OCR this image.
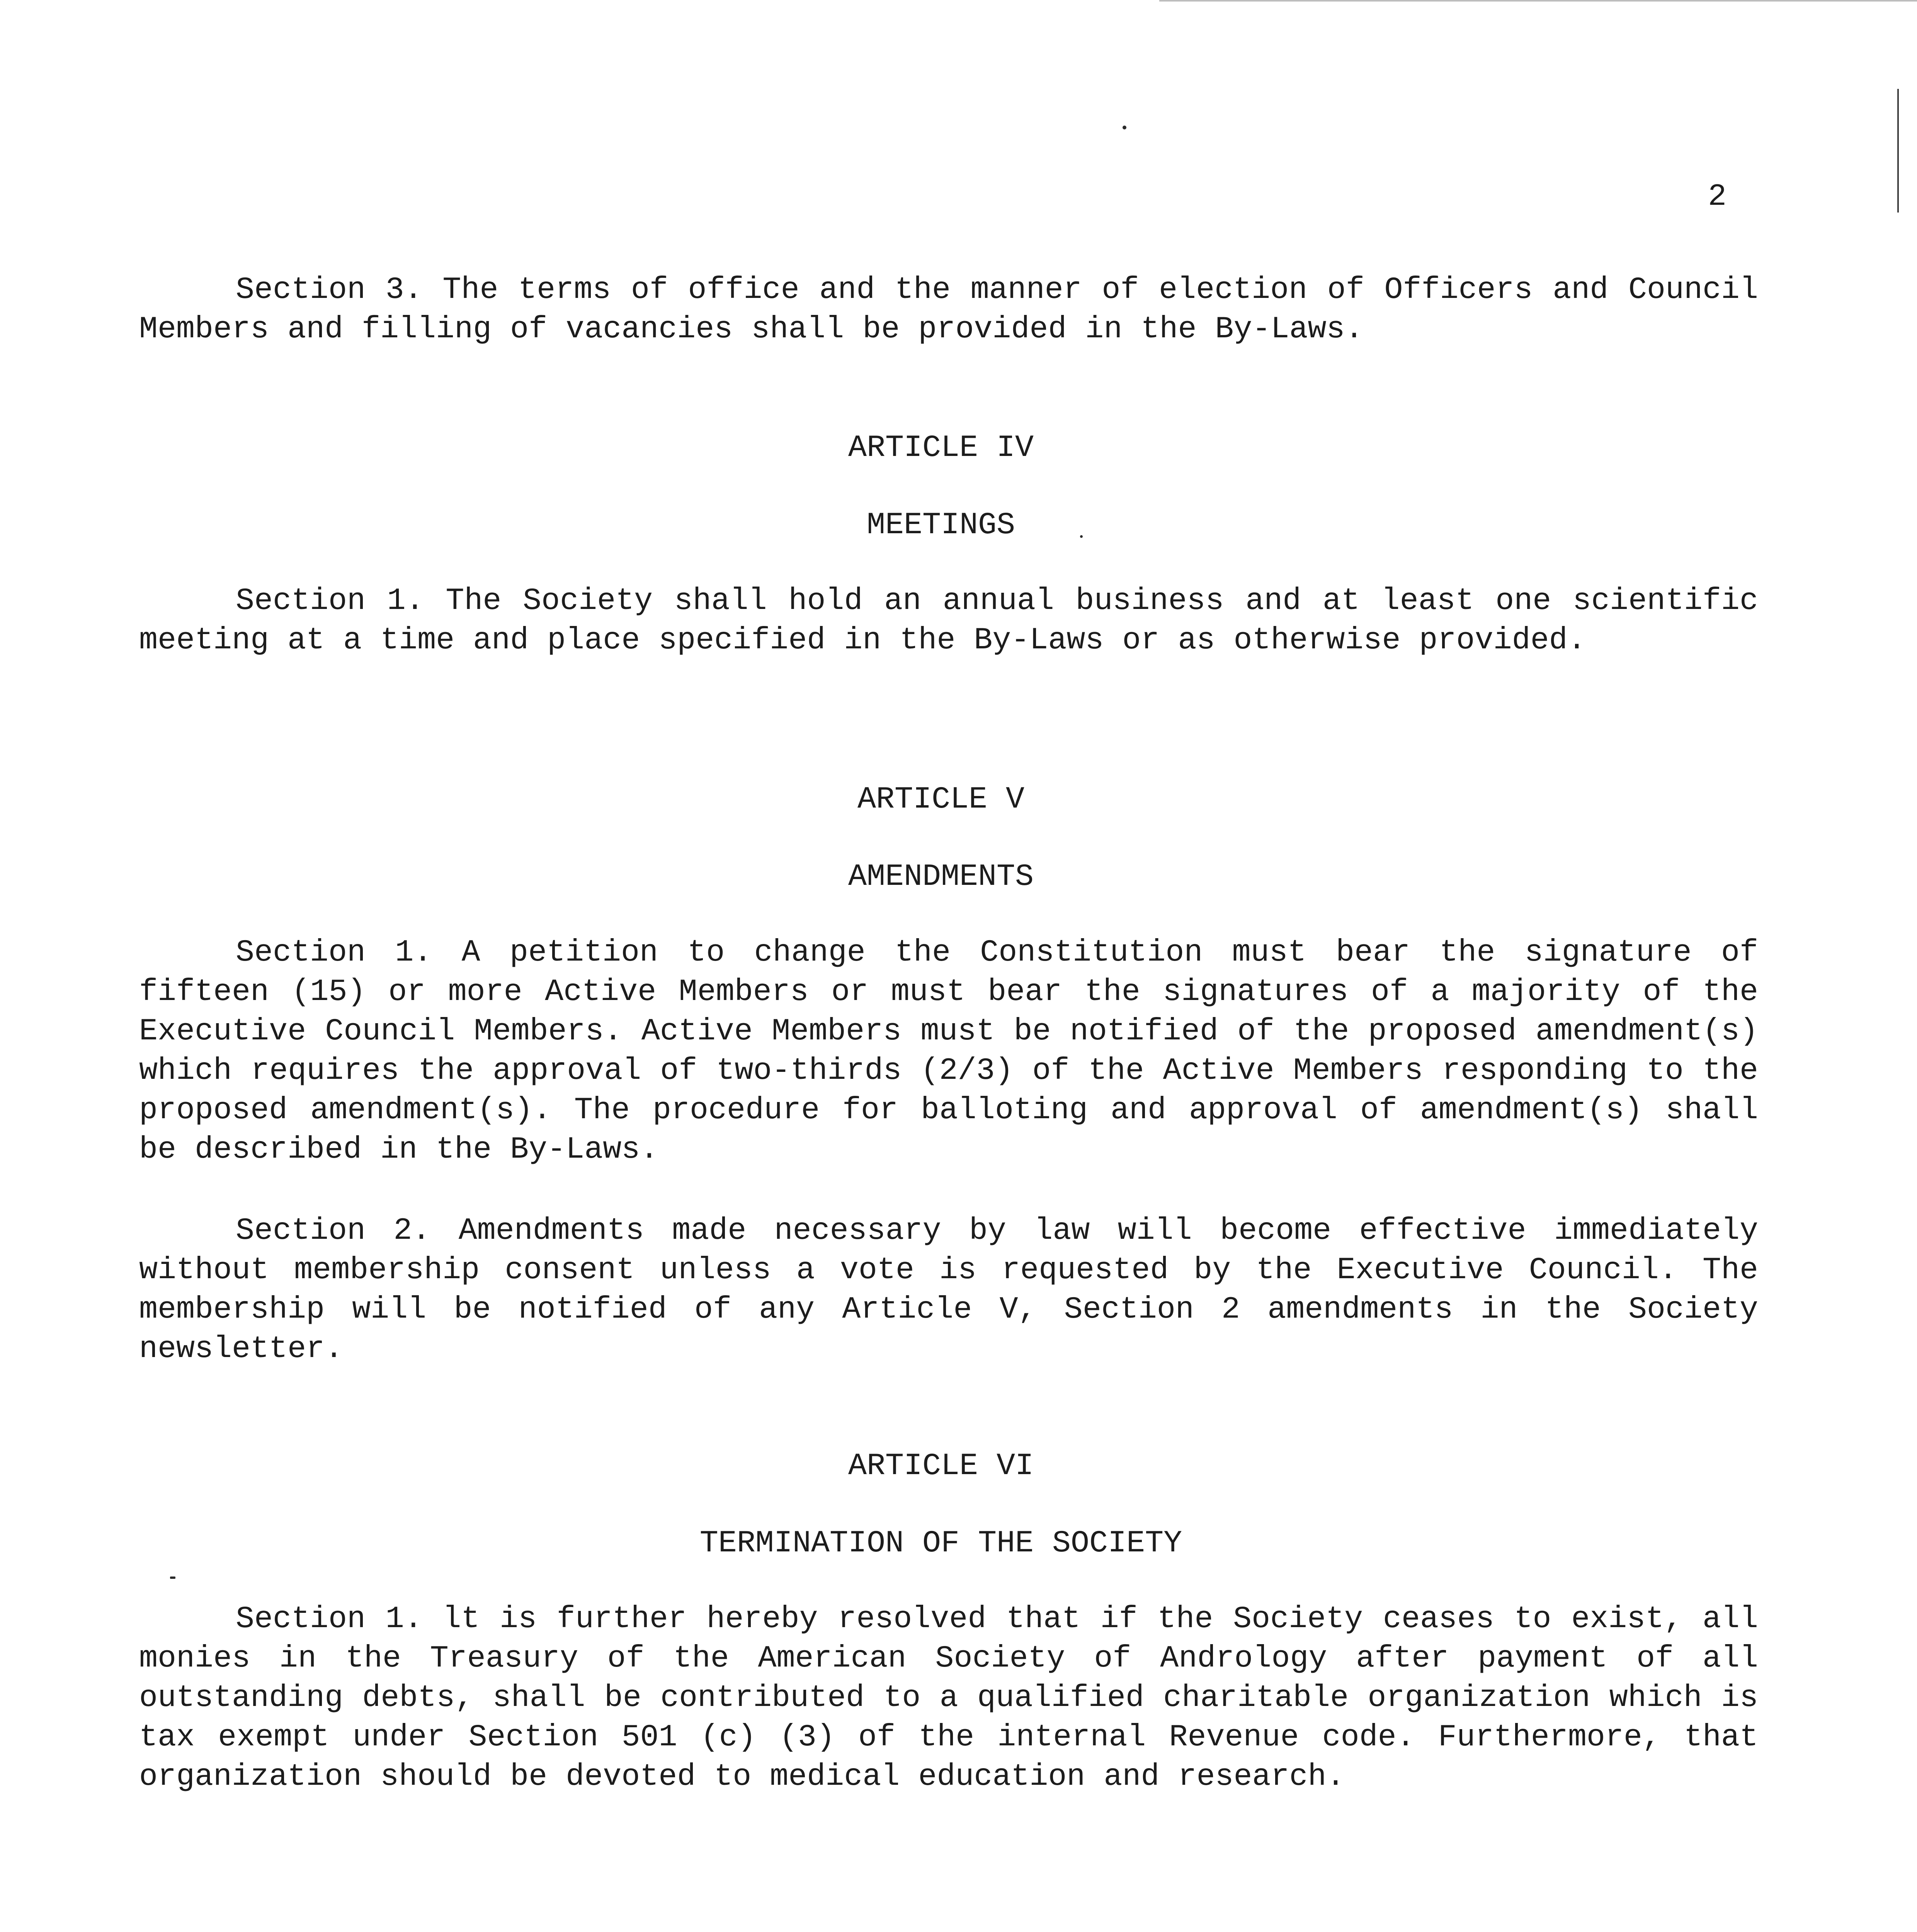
2
Section 3. The terms of office and the manner of election of Officers and Council Members and filling of vacancies shall be provided in the By-Laws.
ARTICLE IV
MEETINGS
Section 1. The Society shall hold an annual business and at least one scientific meeting at a time and place specified in the By-Laws or as otherwise provided.
ARTICLE V
AMENDMENTS
Section 1. A petition to change the Constitution must bear the signature of fifteen (15) or more Active Members or must bear the signatures of a majority of the Executive Council Members. Active Members must be notified of the proposed amendment(s) which requires the approval of two-thirds (2/3) of the Active Members responding to the proposed amendment(s). The procedure for balloting and approval of amendment(s) shall be described in the By-Laws.
Section 2. Amendments made necessary by law will become effective immediately without membership consent unless a vote is requested by the Executive Council. The membership will be notified of any Article V, Section 2 amendments in the Society newsletter.
ARTICLE VI
TERMINATION OF THE SOCIETY
Section 1. lt is further hereby resolved that if the Society ceases to exist, all monies in the Treasury of the American Society of Andrology after payment of all outstanding debts, shall be contributed to a qualified charitable organization which is tax exempt under Section 501 (c) (3) of the internal Revenue code. Furthermore, that organization should be devoted to medical education and research.
